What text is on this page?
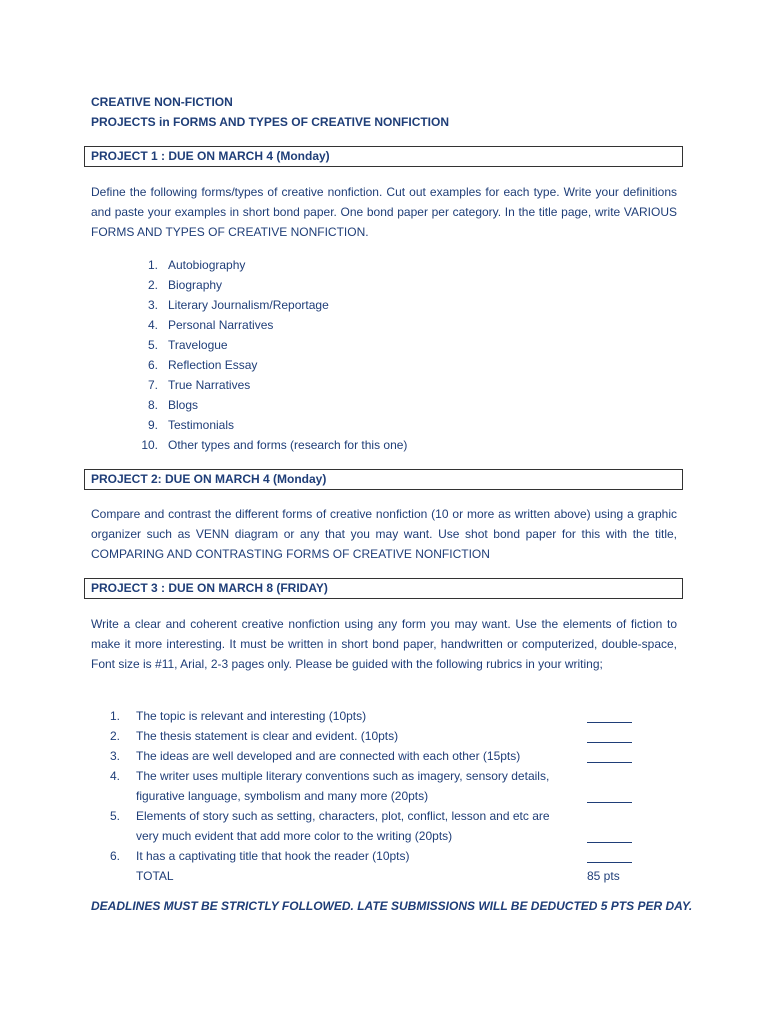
CREATIVE NON-FICTION
PROJECTS in FORMS AND TYPES OF CREATIVE NONFICTION
PROJECT 1 : DUE ON MARCH 4 (Monday)
Define the following forms/types of creative nonfiction. Cut out examples for each type. Write your definitions and paste your examples in short bond paper. One bond paper per category. In the title page, write VARIOUS FORMS AND TYPES OF CREATIVE NONFICTION.
1. Autobiography
2. Biography
3. Literary Journalism/Reportage
4. Personal Narratives
5. Travelogue
6. Reflection Essay
7. True Narratives
8. Blogs
9. Testimonials
10. Other types and forms (research for this one)
PROJECT 2: DUE ON MARCH 4 (Monday)
Compare and contrast the different forms of creative nonfiction (10 or more as written above) using a graphic organizer such as VENN diagram or any that you may want. Use shot bond paper for this with the title, COMPARING AND CONTRASTING FORMS OF CREATIVE NONFICTION
PROJECT 3 : DUE ON MARCH 8 (FRIDAY)
Write a clear and coherent creative nonfiction using any form you may want. Use the elements of fiction to make it more interesting. It must be written in short bond paper, handwritten or computerized, double-space, Font size is #11, Arial, 2-3 pages only. Please be guided with the following rubrics in your writing;
1.	The topic is relevant and interesting (10pts)
2.	The thesis statement is clear and evident. (10pts)
3.	The ideas are well developed and are connected with each other (15pts)
4.	The writer uses multiple literary conventions such as imagery, sensory details, figurative language, symbolism and many more (20pts)
5.	Elements of story such as setting, characters, plot, conflict, lesson and etc are very much evident that add more color to the writing (20pts)
6.	It has a captivating title that hook the reader (10pts)
TOTAL	85 pts
DEADLINES MUST BE STRICTLY FOLLOWED. LATE SUBMISSIONS WILL BE DEDUCTED 5 PTS PER DAY.
